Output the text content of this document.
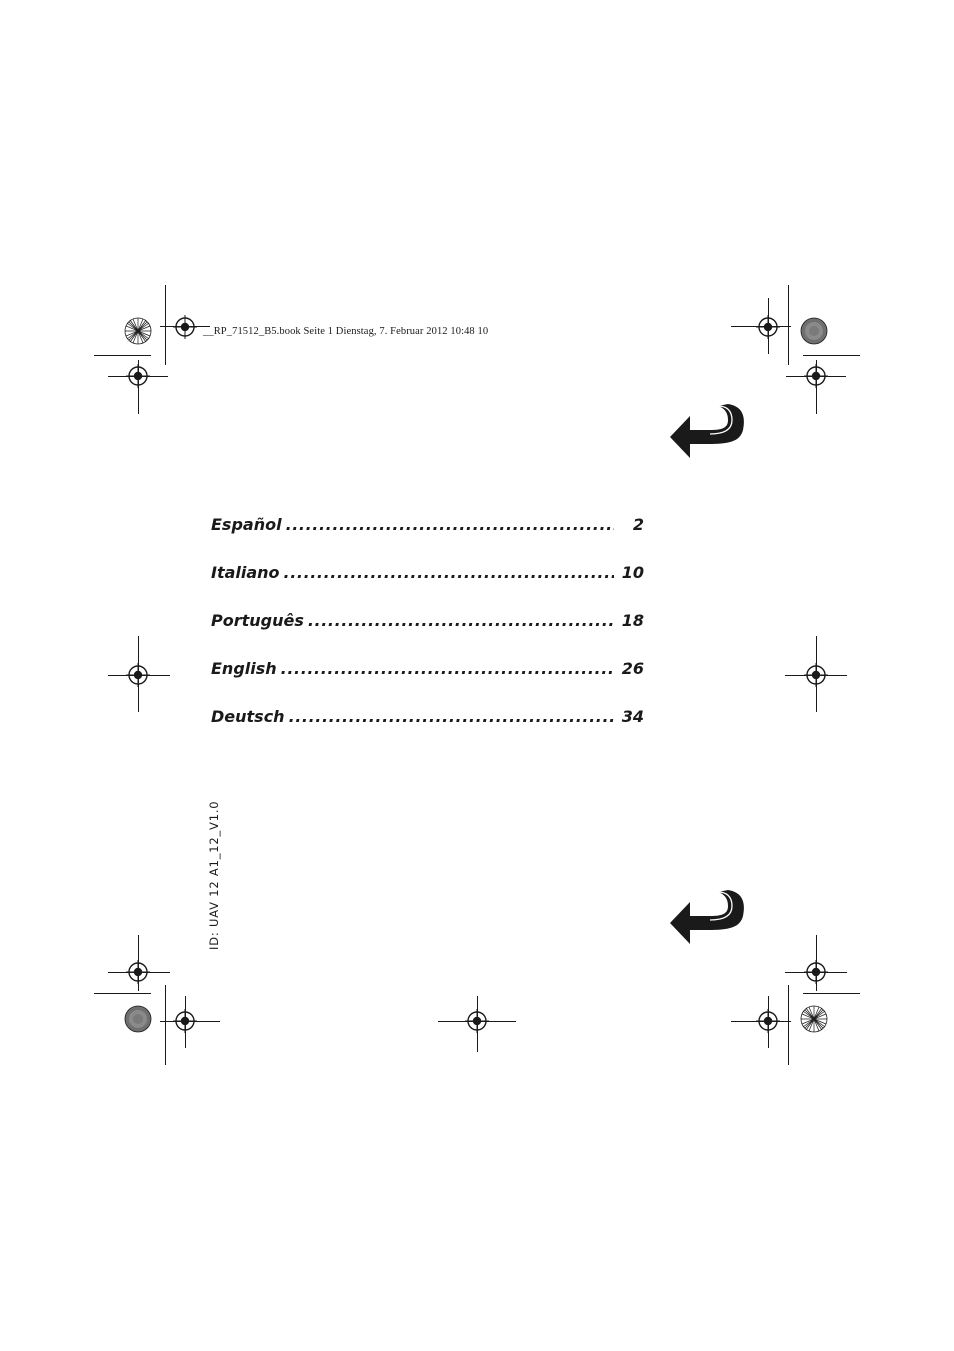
__RP_71512_B5.book Seite 1 Dienstag, 7. Februar 2012 10:48 10
Español .....	2
Italiano .....	10
Português .....	18
English .....	26
Deutsch .....	34
ID: UAV 12 A1_12_V1.0
